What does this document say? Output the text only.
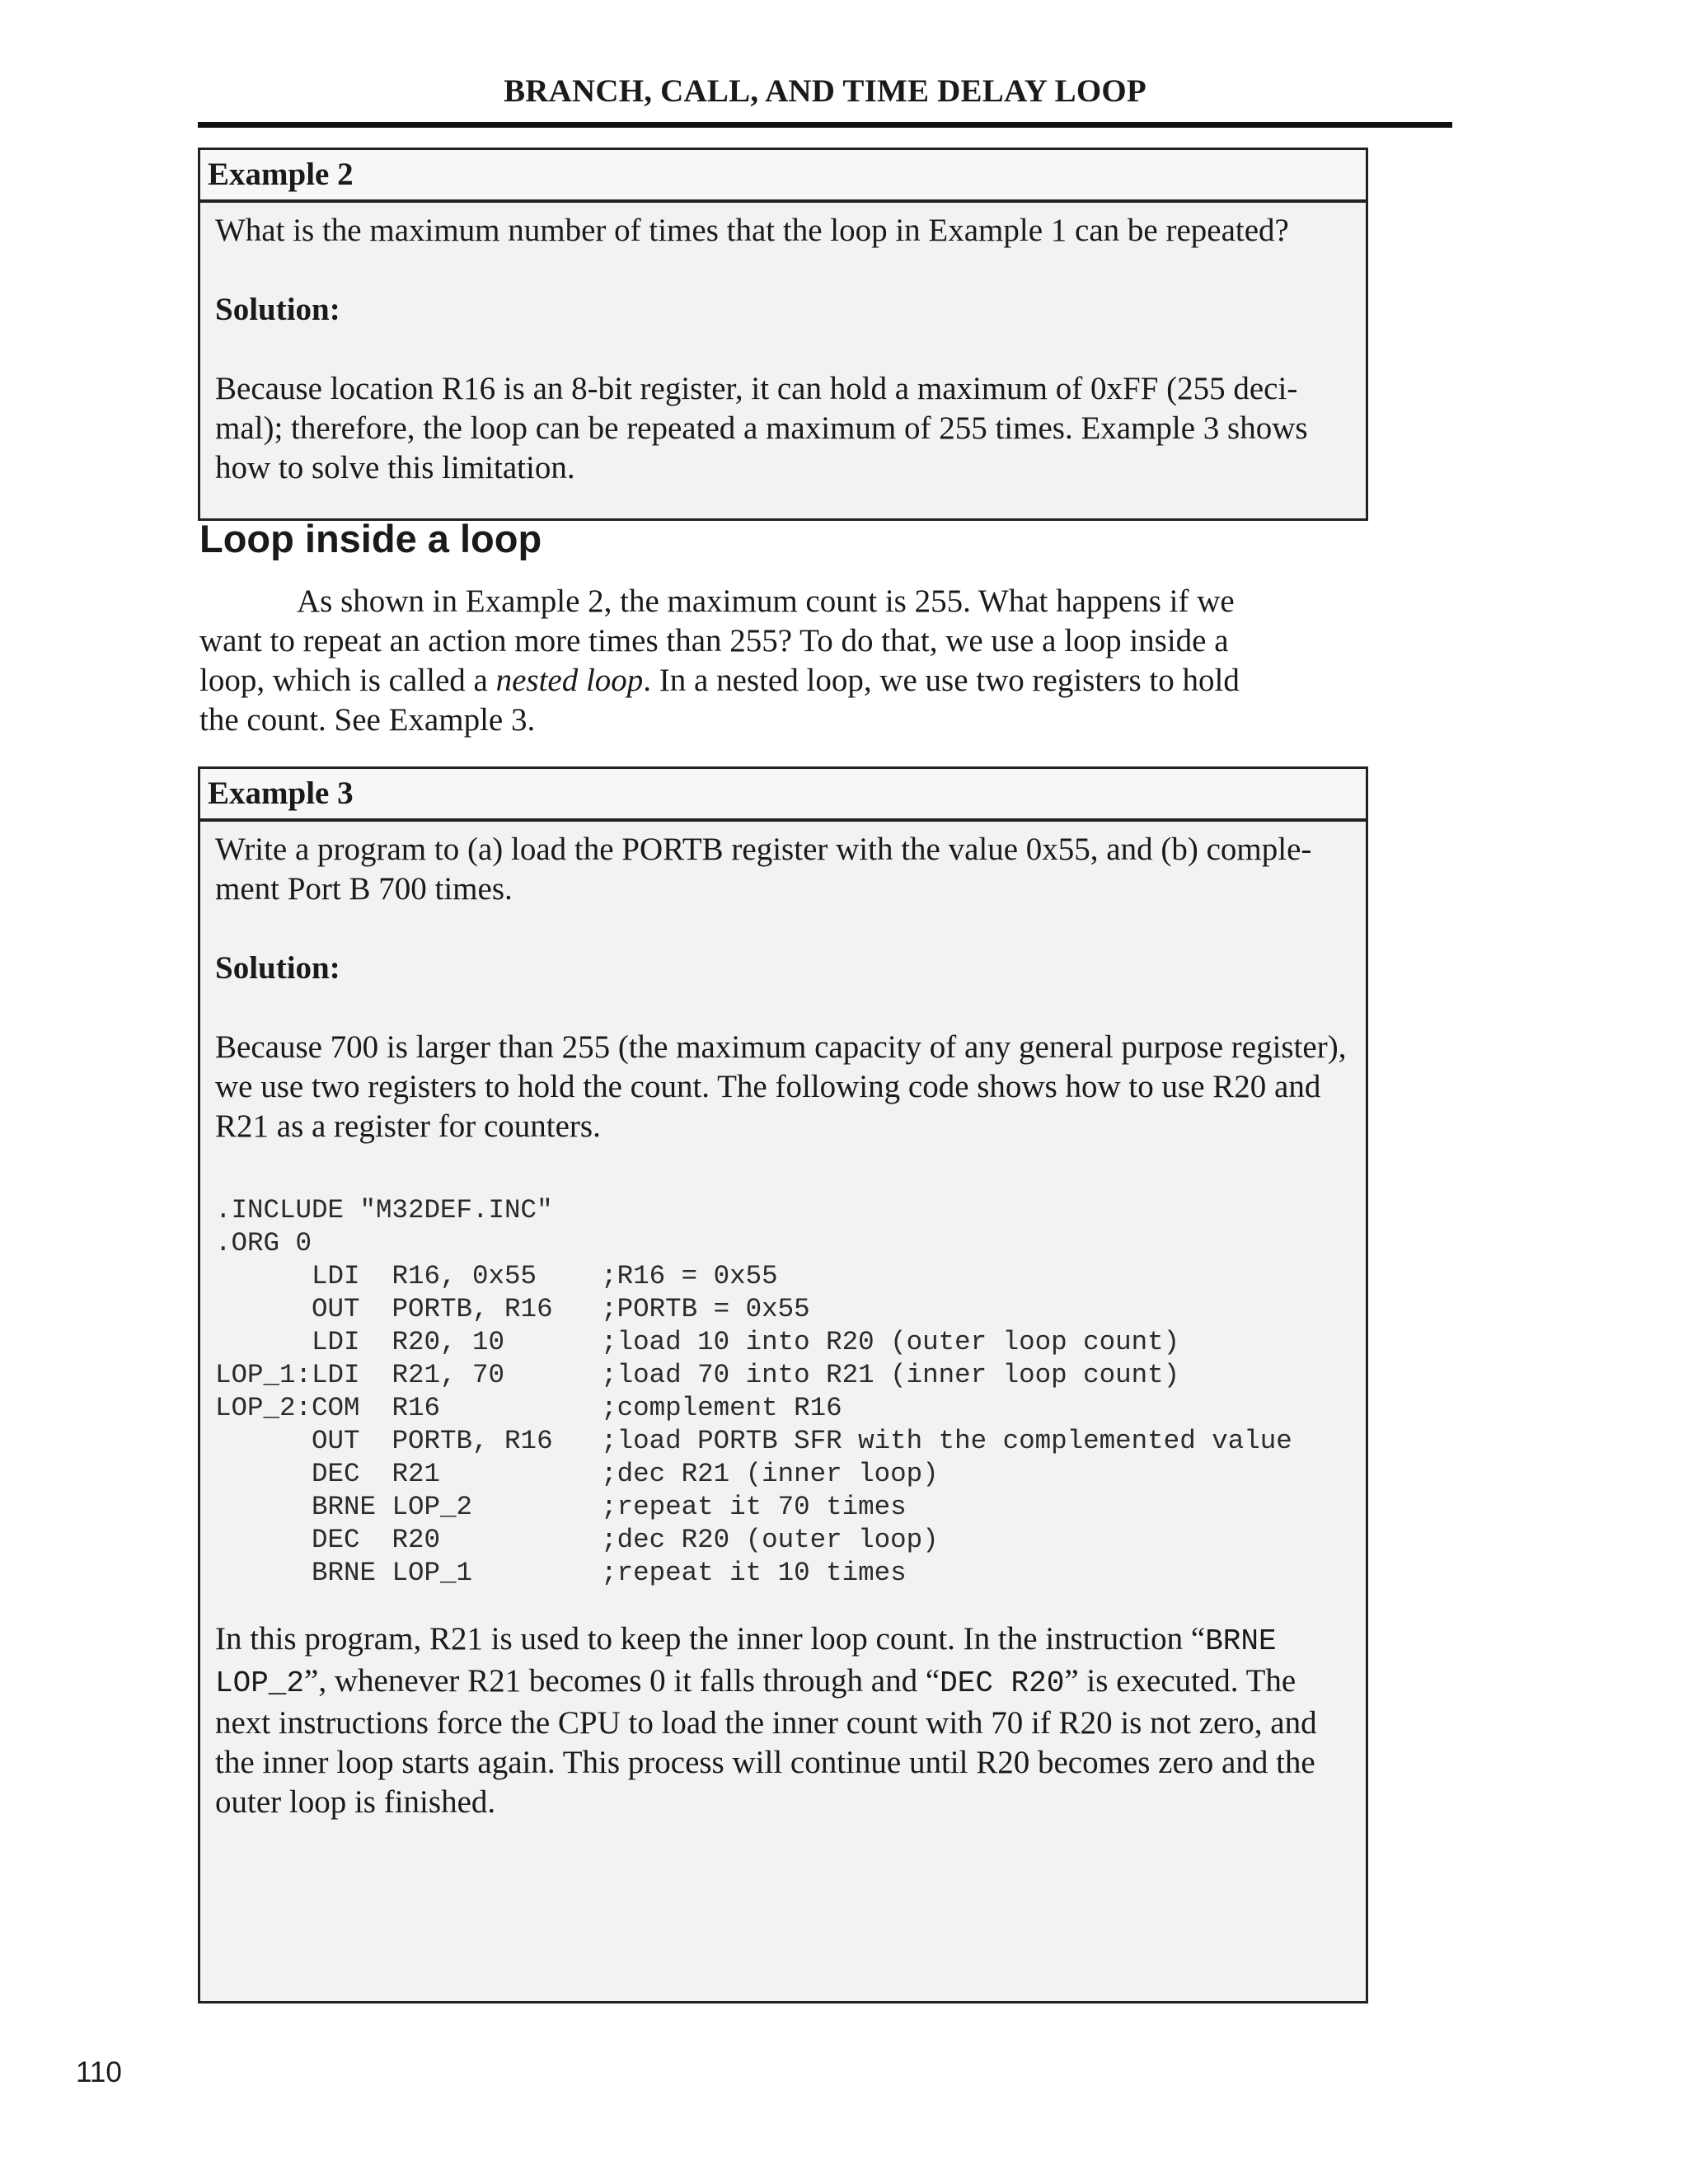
BRANCH, CALL, AND TIME DELAY LOOP
Example 2

What is the maximum number of times that the loop in Example 1 can be repeated?

Solution:

Because location R16 is an 8-bit register, it can hold a maximum of 0xFF (255 deci-

mal); therefore, the loop can be repeated a maximum of 255 times. Example 3 shows

how to solve this limitation.

Loop inside a loop
As shown in Example 2, the maximum count is 255. What happens if we
want to repeat an action more times than 255? To do that, we use a loop inside a
loop, which is called a nested loop. In a nested loop, we use two registers to hold
the count. See Example 3.
Example 3

Write a program to (a) load the PORTB register with the value 0x55, and (b) comple-

ment Port B 700 times.

Solution:

Because 700 is larger than 255 (the maximum capacity of any general purpose register),

we use two registers to hold the count. The following code shows how to use R20 and

R21 as a register for counters.

.INCLUDE "M32DEF.INC"
.ORG 0
LDI  R16, 0x55    ;R16 = 0x55
OUT  PORTB, R16   ;PORTB = 0x55
LDI  R20, 10      ;load 10 into R20 (outer loop count)
LOP_1:LDI  R21, 70      ;load 70 into R21 (inner loop count)
LOP_2:COM  R16          ;complement R16
OUT  PORTB, R16   ;load PORTB SFR with the complemented value
DEC  R21          ;dec R21 (inner loop)
BRNE LOP_2        ;repeat it 70 times
DEC  R20          ;dec R20 (outer loop)
BRNE LOP_1        ;repeat it 10 times

In this program, R21 is used to keep the inner loop count. In the instruction “BRNE

LOP_2”, whenever R21 becomes 0 it falls through and “DEC R20” is executed. The

next instructions force the CPU to load the inner count with 70 if R20 is not zero, and

the inner loop starts again. This process will continue until R20 becomes zero and the

outer loop is finished.

110
